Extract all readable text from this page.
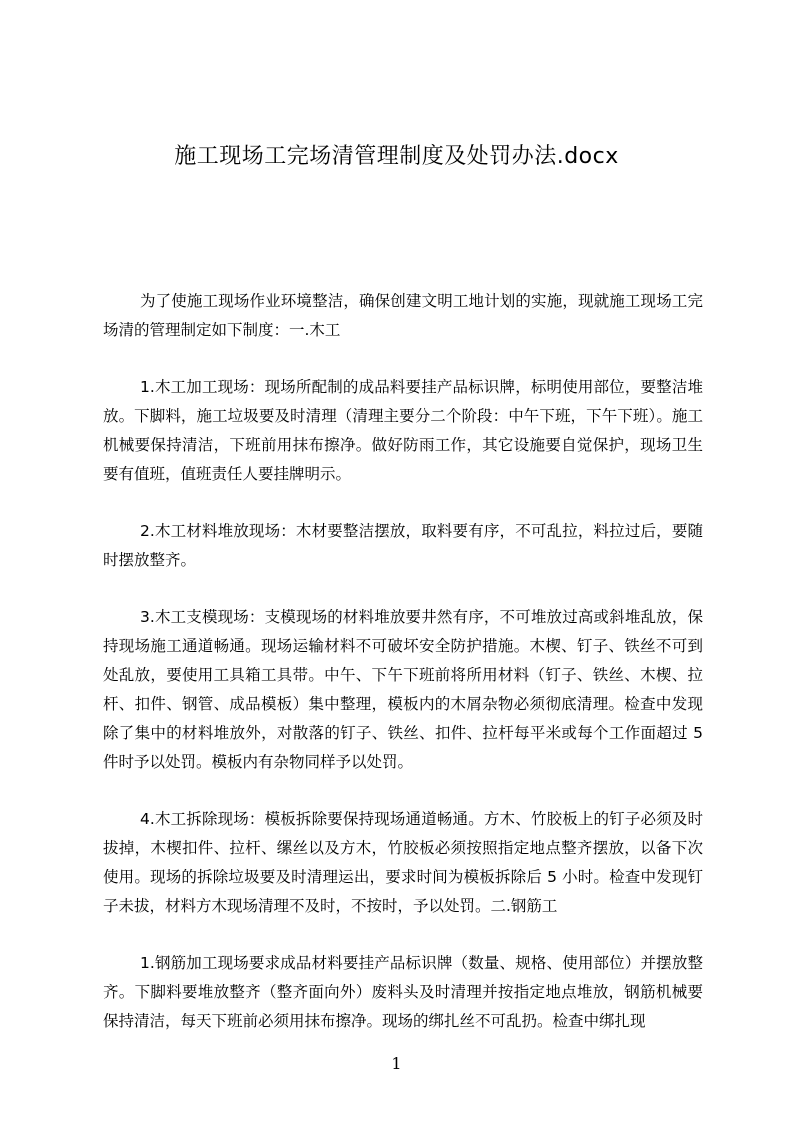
施工现场工完场清管理制度及处罚办法.docx

为了使施工现场作业环境整洁，确保创建文明工地计划的实施，现就施工现场工完场清的管理制定如下制度：一.木工

1.木工加工现场：现场所配制的成品料要挂产品标识牌，标明使用部位，要整洁堆放。下脚料，施工垃圾要及时清理（清理主要分二个阶段：中午下班，下午下班）。施工机械要保持清洁，下班前用抹布擦净。做好防雨工作，其它设施要自觉保护，现场卫生要有值班，值班责任人要挂牌明示。

2.木工材料堆放现场：木材要整洁摆放，取料要有序，不可乱拉，料拉过后，要随时摆放整齐。

3.木工支模现场：支模现场的材料堆放要井然有序，不可堆放过高或斜堆乱放，保持现场施工通道畅通。现场运输材料不可破坏安全防护措施。木楔、钉子、铁丝不可到处乱放，要使用工具箱工具带。中午、下午下班前将所用材料（钉子、铁丝、木楔、拉杆、扣件、钢管、成品模板）集中整理，模板内的木屑杂物必须彻底清理。检查中发现除了集中的材料堆放外，对散落的钉子、铁丝、扣件、拉杆每平米或每个工作面超过 5 件时予以处罚。模板内有杂物同样予以处罚。

4.木工拆除现场：模板拆除要保持现场通道畅通。方木、竹胶板上的钉子必须及时拔掉，木楔扣件、拉杆、缧丝以及方木，竹胶板必须按照指定地点整齐摆放，以备下次使用。现场的拆除垃圾要及时清理运出，要求时间为模板拆除后 5 小时。检查中发现钉子未拔，材料方木现场清理不及时，不按时，予以处罚。二.钢筋工

1.钢筋加工现场要求成品材料要挂产品标识牌（数量、规格、使用部位）并摆放整齐。下脚料要堆放整齐（整齐面向外）废料头及时清理并按指定地点堆放，钢筋机械要保持清洁，每天下班前必须用抹布擦净。现场的绑扎丝不可乱扔。检查中绑扎现

1
